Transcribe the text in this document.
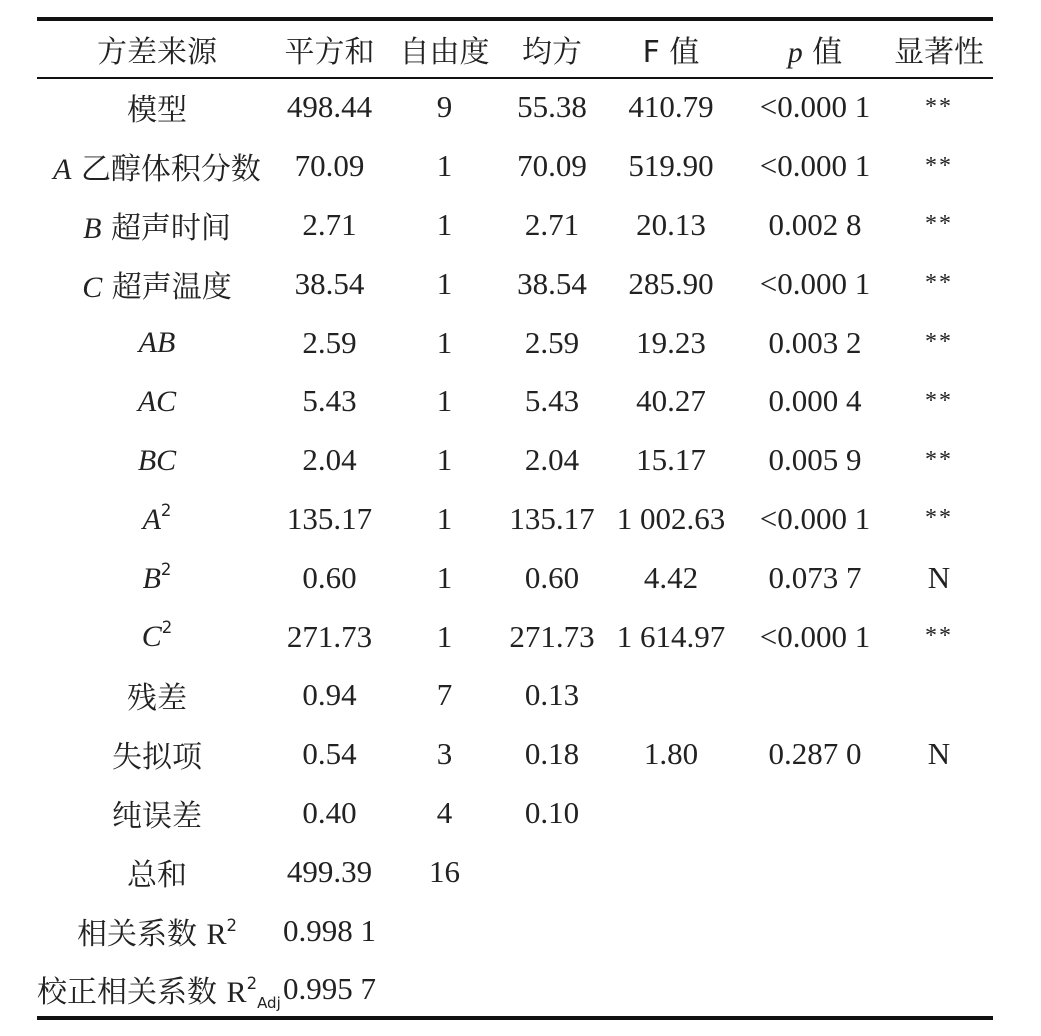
方差来源	平方和	自由度	均方	F 值	p 值	显著性
模型	498.44	9	55.38	410.79	<0.000 1	**
A 乙醇体积分数	70.09	1	70.09	519.90	<0.000 1	**
B 超声时间	2.71	1	2.71	20.13	0.002 8	**
C 超声温度	38.54	1	38.54	285.90	<0.000 1	**
AB	2.59	1	2.59	19.23	0.003 2	**
AC	5.43	1	5.43	40.27	0.000 4	**
BC	2.04	1	2.04	15.17	0.005 9	**
$A^2$	135.17	1	135.17	1 002.63	<0.000 1	**
$B^2$	0.60	1	0.60	4.42	0.073 7	N
$C^2$	271.73	1	271.73	1 614.97	<0.000 1	**
残差	0.94	7	0.13			
失拟项	0.54	3	0.18	1.80	0.287 0	N
纯误差	0.40	4	0.10			
总和	499.39	16				
相关系数 $R^2$	0.998 1					
校正相关系数 $R^2_{Adj}$	0.995 7					
